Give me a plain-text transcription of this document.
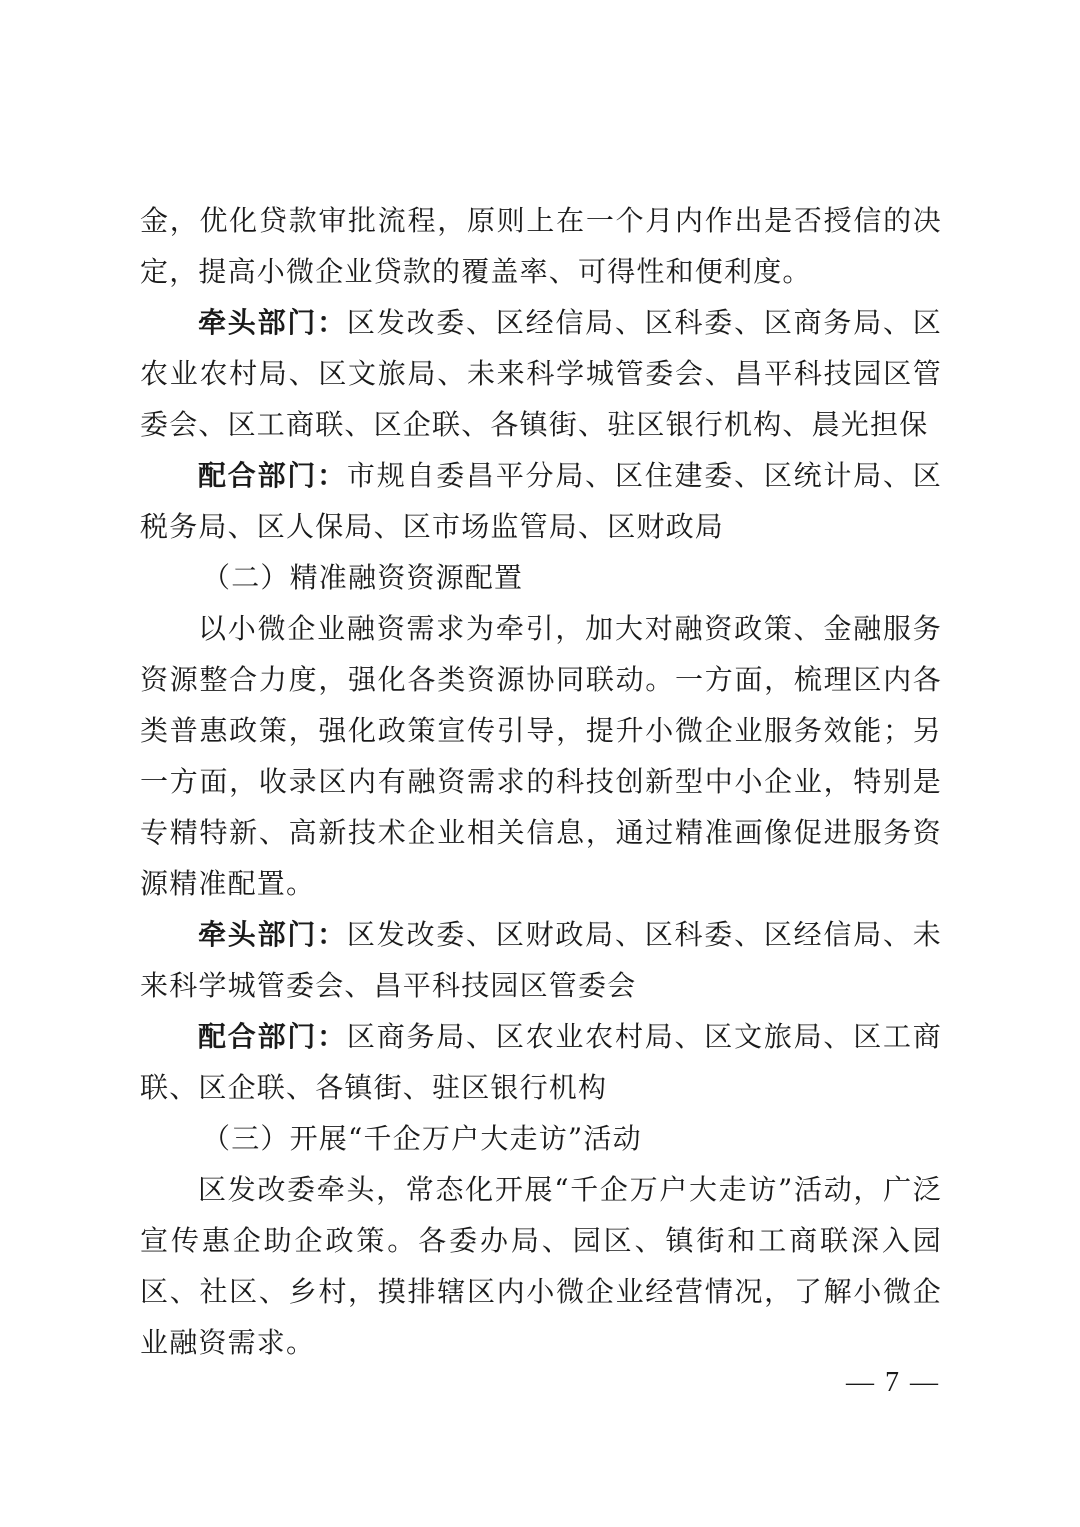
金，优化贷款审批流程，原则上在一个月内作出是否授信的决定，提高小微企业贷款的覆盖率、可得性和便利度。

牵头部门：区发改委、区经信局、区科委、区商务局、区农业农村局、区文旅局、未来科学城管委会、昌平科技园区管委会、区工商联、区企联、各镇街、驻区银行机构、晨光担保

配合部门：市规自委昌平分局、区住建委、区统计局、区税务局、区人保局、区市场监管局、区财政局

（二）精准融资资源配置

以小微企业融资需求为牵引，加大对融资政策、金融服务资源整合力度，强化各类资源协同联动。一方面，梳理区内各类普惠政策，强化政策宣传引导，提升小微企业服务效能；另一方面，收录区内有融资需求的科技创新型中小企业，特别是专精特新、高新技术企业相关信息，通过精准画像促进服务资源精准配置。

牵头部门：区发改委、区财政局、区科委、区经信局、未来科学城管委会、昌平科技园区管委会

配合部门：区商务局、区农业农村局、区文旅局、区工商联、区企联、各镇街、驻区银行机构

（三）开展“千企万户大走访”活动

区发改委牵头，常态化开展“千企万户大走访”活动，广泛宣传惠企助企政策。各委办局、园区、镇街和工商联深入园区、社区、乡村，摸排辖区内小微企业经营情况，了解小微企业融资需求。

— 7 —
